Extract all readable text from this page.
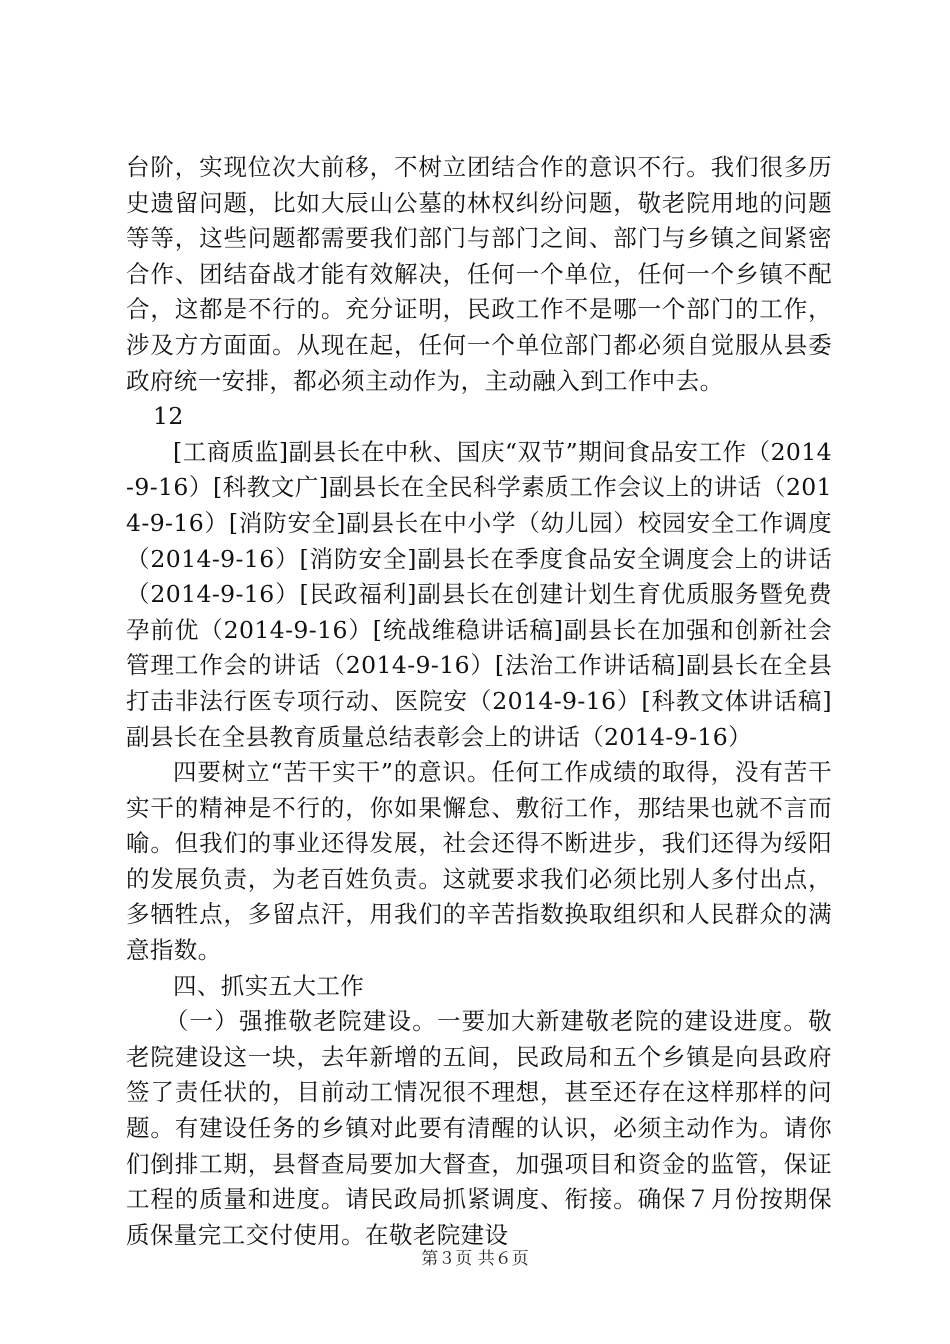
台阶，实现位次大前移，不树立团结合作的意识不行。我们很多历史遗留问题，比如大辰山公墓的林权纠纷问题，敬老院用地的问题等等，这些问题都需要我们部门与部门之间、部门与乡镇之间紧密合作、团结奋战才能有效解决，任何一个单位，任何一个乡镇不配合，这都是不行的。充分证明，民政工作不是哪一个部门的工作，涉及方方面面。从现在起，任何一个单位部门都必须自觉服从县委政府统一安排，都必须主动作为，主动融入到工作中去。

12

[工商质监]副县长在中秋、国庆“双节”期间食品安工作（2014-9-16）[科教文广]副县长在全民科学素质工作会议上的讲话（2014-9-16）[消防安全]副县长在中小学（幼儿园）校园安全工作调度（2014-9-16）[消防安全]副县长在季度食品安全调度会上的讲话（2014-9-16）[民政福利]副县长在创建计划生育优质服务暨免费孕前优（2014-9-16）[统战维稳讲话稿]副县长在加强和创新社会管理工作会的讲话（2014-9-16）[法治工作讲话稿]副县长在全县打击非法行医专项行动、医院安（2014-9-16）[科教文体讲话稿]副县长在全县教育质量总结表彰会上的讲话（2014-9-16）

四要树立“苦干实干”的意识。任何工作成绩的取得，没有苦干实干的精神是不行的，你如果懈怠、敷衍工作，那结果也就不言而喻。但我们的事业还得发展，社会还得不断进步，我们还得为绥阳的发展负责，为老百姓负责。这就要求我们必须比别人多付出点，多牺牲点，多留点汗，用我们的辛苦指数换取组织和人民群众的满意指数。

四、抓实五大工作

（一）强推敬老院建设。一要加大新建敬老院的建设进度。敬老院建设这一块，去年新增的五间，民政局和五个乡镇是向县政府签了责任状的，目前动工情况很不理想，甚至还存在这样那样的问题。有建设任务的乡镇对此要有清醒的认识，必须主动作为。请你们倒排工期，县督查局要加大督查，加强项目和资金的监管，保证工程的质量和进度。请民政局抓紧调度、衔接。确保７月份按期保质保量完工交付使用。在敬老院建设

第３页 共６页
